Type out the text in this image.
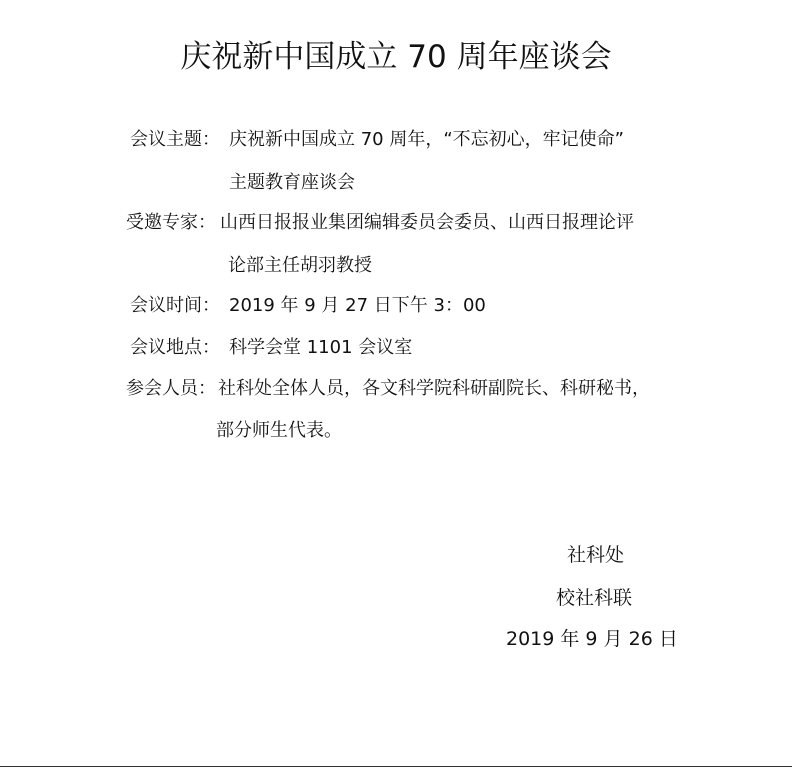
庆祝新中国成立 70 周年座谈会
会议主题： 庆祝新中国成立 70 周年，“不忘初心，牢记使命”
主题教育座谈会
受邀专家： 山西日报报业集团编辑委员会委员、山西日报理论评
论部主任胡羽教授
会议时间： 2019 年 9 月 27 日下午 3：00
会议地点： 科学会堂 1101 会议室
参会人员： 社科处全体人员，各文科学院科研副院长、科研秘书，
部分师生代表。
社科处
校社科联
2019 年 9 月 26 日
